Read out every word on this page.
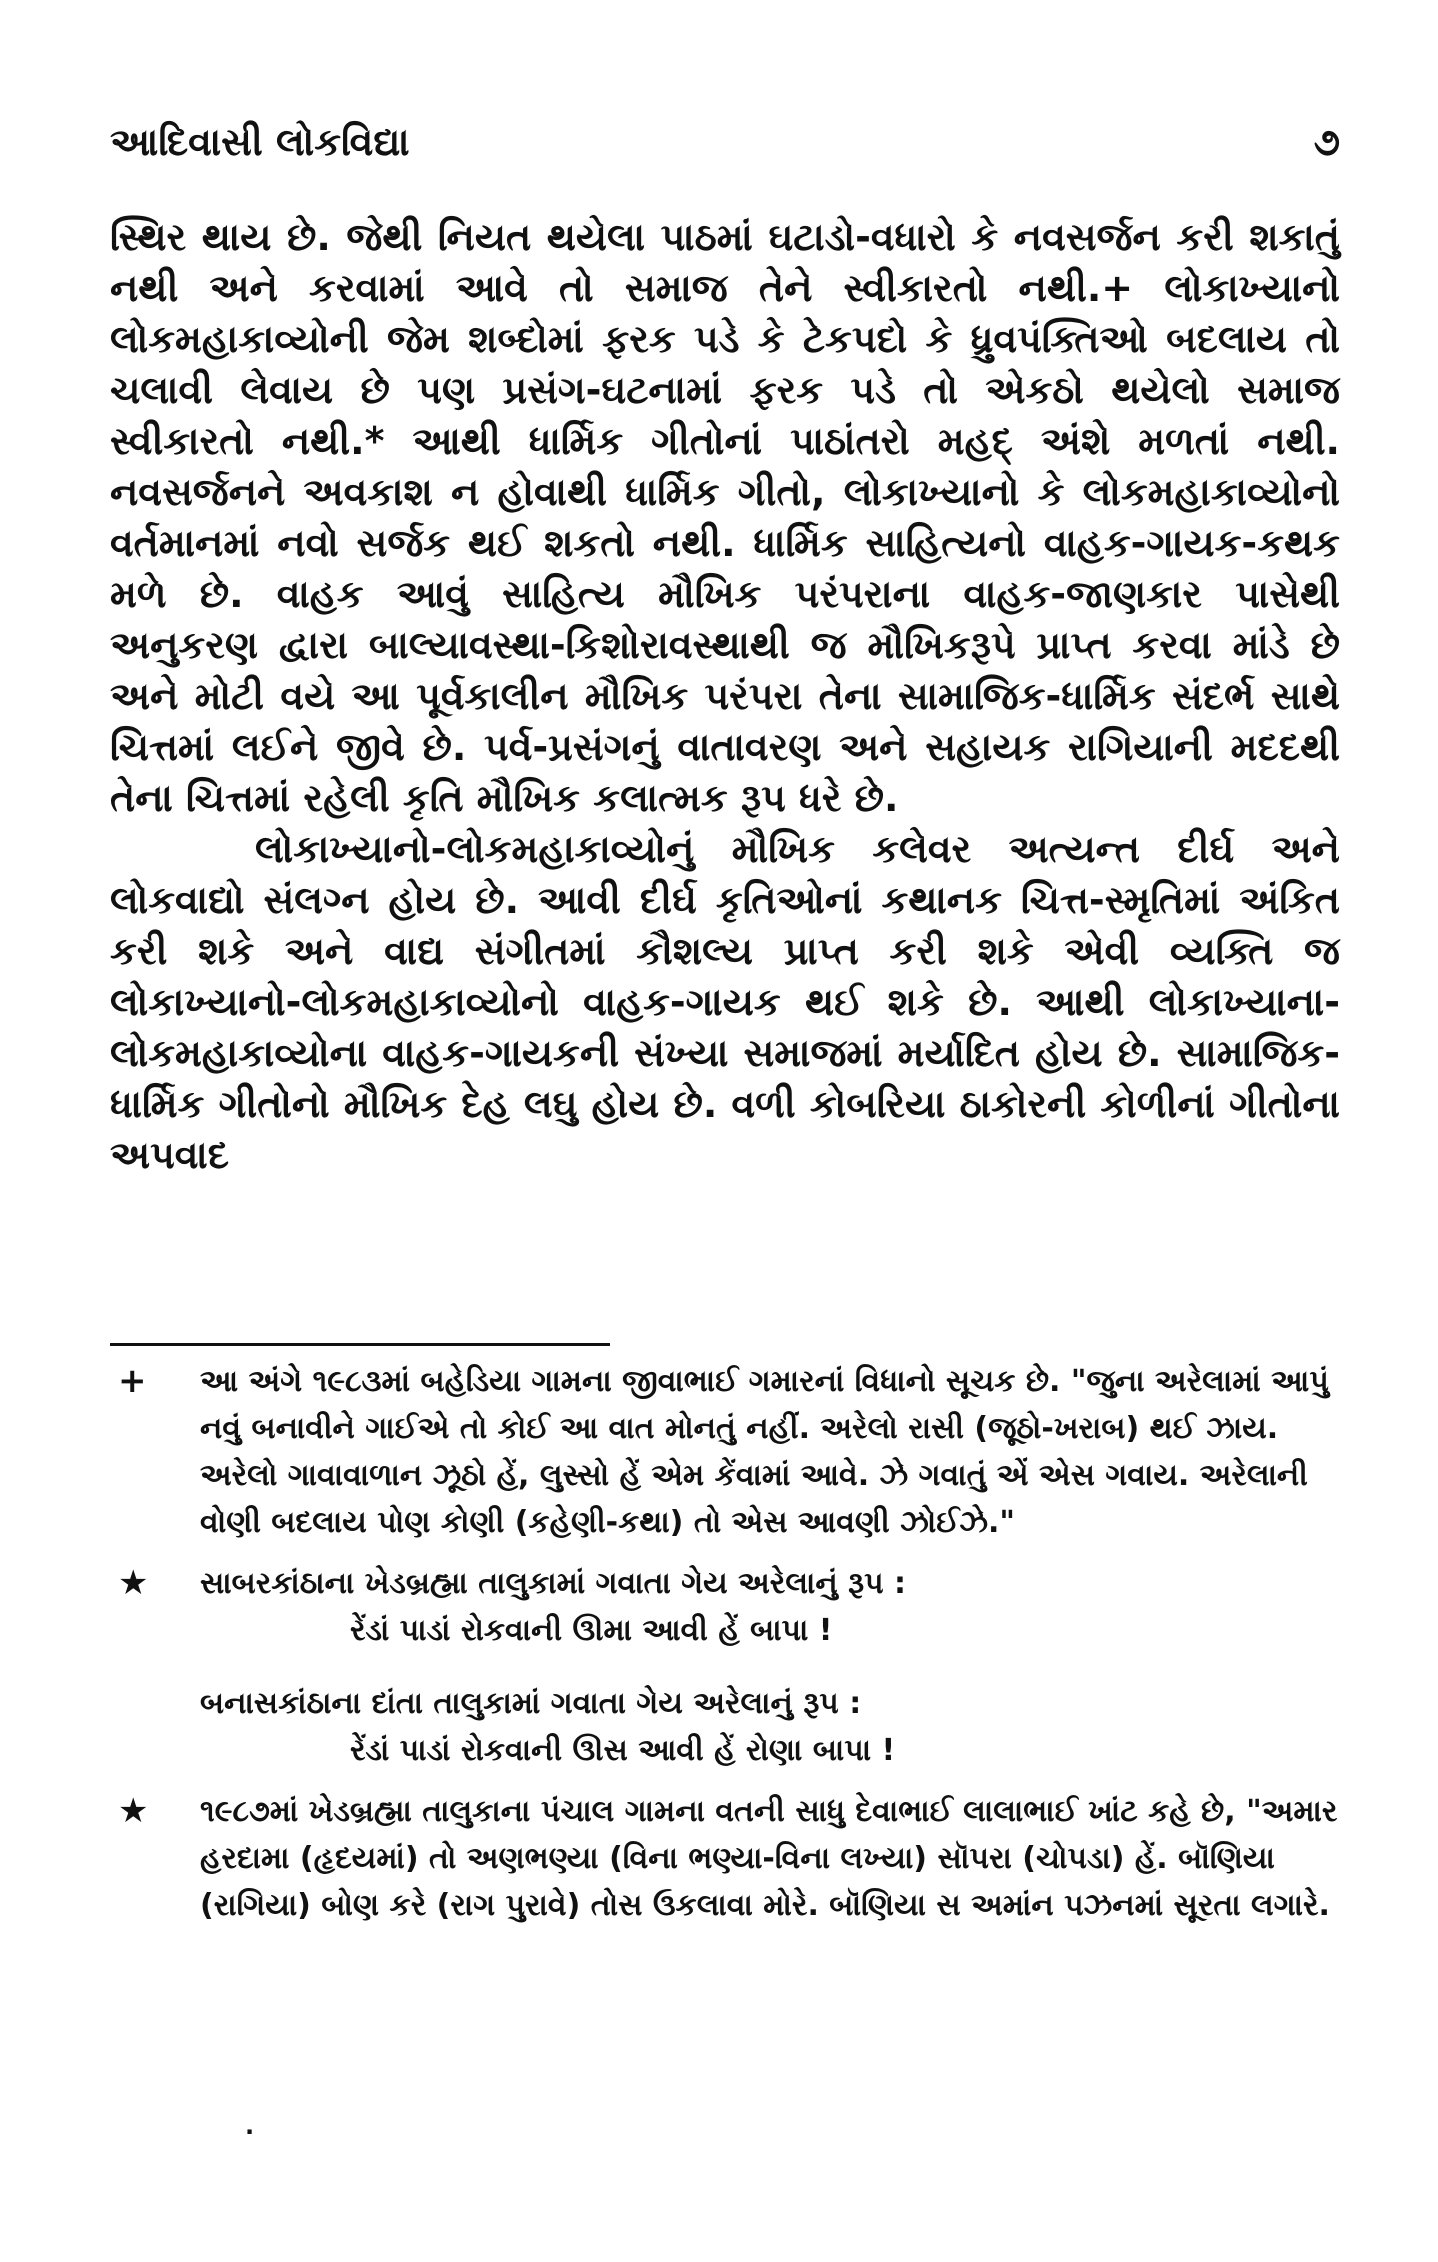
આદિવાસી લોકવિદ્યા	૭

સ્થિર થાય છે. જેથી નિયત થયેલા પાઠમાં ઘટાડો-વધારો કે નવસર્જન કરી શકાતું નથી અને કરવામાં આવે તો સમાજ તેને સ્વીકારતો નથી.+ લોકાખ્યાનો લોકમહાકાવ્યોની જેમ શબ્દોમાં ફરક પડે કે ટેકપદો કે ધ્રુવપંક્તિઓ બદલાય તો ચલાવી લેવાય છે પણ પ્રસંગ-ઘટનામાં ફરક પડે તો એકઠો થયેલો સમાજ સ્વીકારતો નથી.* આથી ધાર્મિક ગીતોનાં પાઠાંતરો મહદ્ અંશે મળતાં નથી. નવસર્જનને અવકાશ ન હોવાથી ધાર્મિક ગીતો, લોકાખ્યાનો કે લોકમહાકાવ્યોનો વર્તમાનમાં નવો સર્જક થઈ શકતો નથી. ધાર્મિક સાહિત્યનો વાહક-ગાયક-કથક મળે છે. વાહક આવું સાહિત્ય મૌખિક પરંપરાના વાહક-જાણકાર પાસેથી અનુકરણ દ્વારા બાલ્યાવસ્થા-કિશોરાવસ્થાથી જ મૌખિકરૂપે પ્રાપ્ત કરવા માંડે છે અને મોટી વયે આ પૂર્વકાલીન મૌખિક પરંપરા તેના સામાજિક-ધાર્મિક સંદર્ભ સાથે ચિત્તમાં લઈને જીવે છે. પર્વ-પ્રસંગનું વાતાવરણ અને સહાયક રાગિયાની મદદથી તેના ચિત્તમાં રહેલી કૃતિ મૌખિક કલાત્મક રૂપ ધરે છે.

લોકાખ્યાનો-લોકમહાકાવ્યોનું મૌખિક કલેવર અત્યન્ત દીર્ઘ અને લોકવાદ્યો સંલગ્ન હોય છે. આવી દીર્ઘ કૃતિઓનાં કથાનક ચિત્ત-સ્મૃતિમાં અંકિત કરી શકે અને વાદ્ય સંગીતમાં કૌશલ્ય પ્રાપ્ત કરી શકે એવી વ્યક્તિ જ લોકાખ્યાનો-લોકમહાકાવ્યોનો વાહક-ગાયક થઈ શકે છે. આથી લોકાખ્યાના-લોકમહાકાવ્યોના વાહક-ગાયકની સંખ્યા સમાજમાં મર્યાદિત હોય છે. સામાજિક-ધાર્મિક ગીતોનો મૌખિક દેહ લઘુ હોય છે. વળી કોબરિયા ઠાકોરની કોળીનાં ગીતોના અપવાદ

+ આ અંગે ૧૯૮૩માં બહેડિયા ગામના જીવાભાઈ ગમારનાં વિધાનો સૂચક છે. "જુના અરેલામાં આપું નવું બનાવીને ગાઈએ તો કોઈ આ વાત મોનતું નહીં. અરેલો રાસી (જૂઠો-ખરાબ) થઈ ઝાય. અરેલો ગાવાવાળાન ઝૂઠો હેં, લુસ્સો હેં એમ કેંવામાં આવે. ઝે ગવાતું એં એસ ગવાય. અરેલાની વોણી બદલાય પોણ કોણી (કહેણી-કથા) તો એસ આવણી ઝોઈઝે."

★ સાબરકાંઠાના ખેડબ્રહ્મા તાલુકામાં ગવાતા ગેય અરેલાનું રૂપ :

રેંડાં પાડાં રોકવાની ઊમા આવી હેં બાપા !

બનાસકાંઠાના દાંતા તાલુકામાં ગવાતા ગેય અરેલાનું રૂપ :

રેંડાં પાડાં રોકવાની ઊસ આવી હેં રોણા બાપા !

★ ૧૯૮૭માં ખેડબ્રહ્મા તાલુકાના પંચાલ ગામના વતની સાધુ દેવાભાઈ લાલાભાઈ ખાંટ કહે છે, "અમાર હરદામા (હૃદયમાં) તો અણભણ્યા (વિના ભણ્યા-વિના લખ્યા) સૉપરા (ચોપડા) હેં. બૉણિયા (રાગિયા) બોણ કરે (રાગ પુરાવે) તોસ ઉકલાવા મોરે. બૉણિયા સ અમાંન પઝનમાં સૂરતા લગારે.

·
